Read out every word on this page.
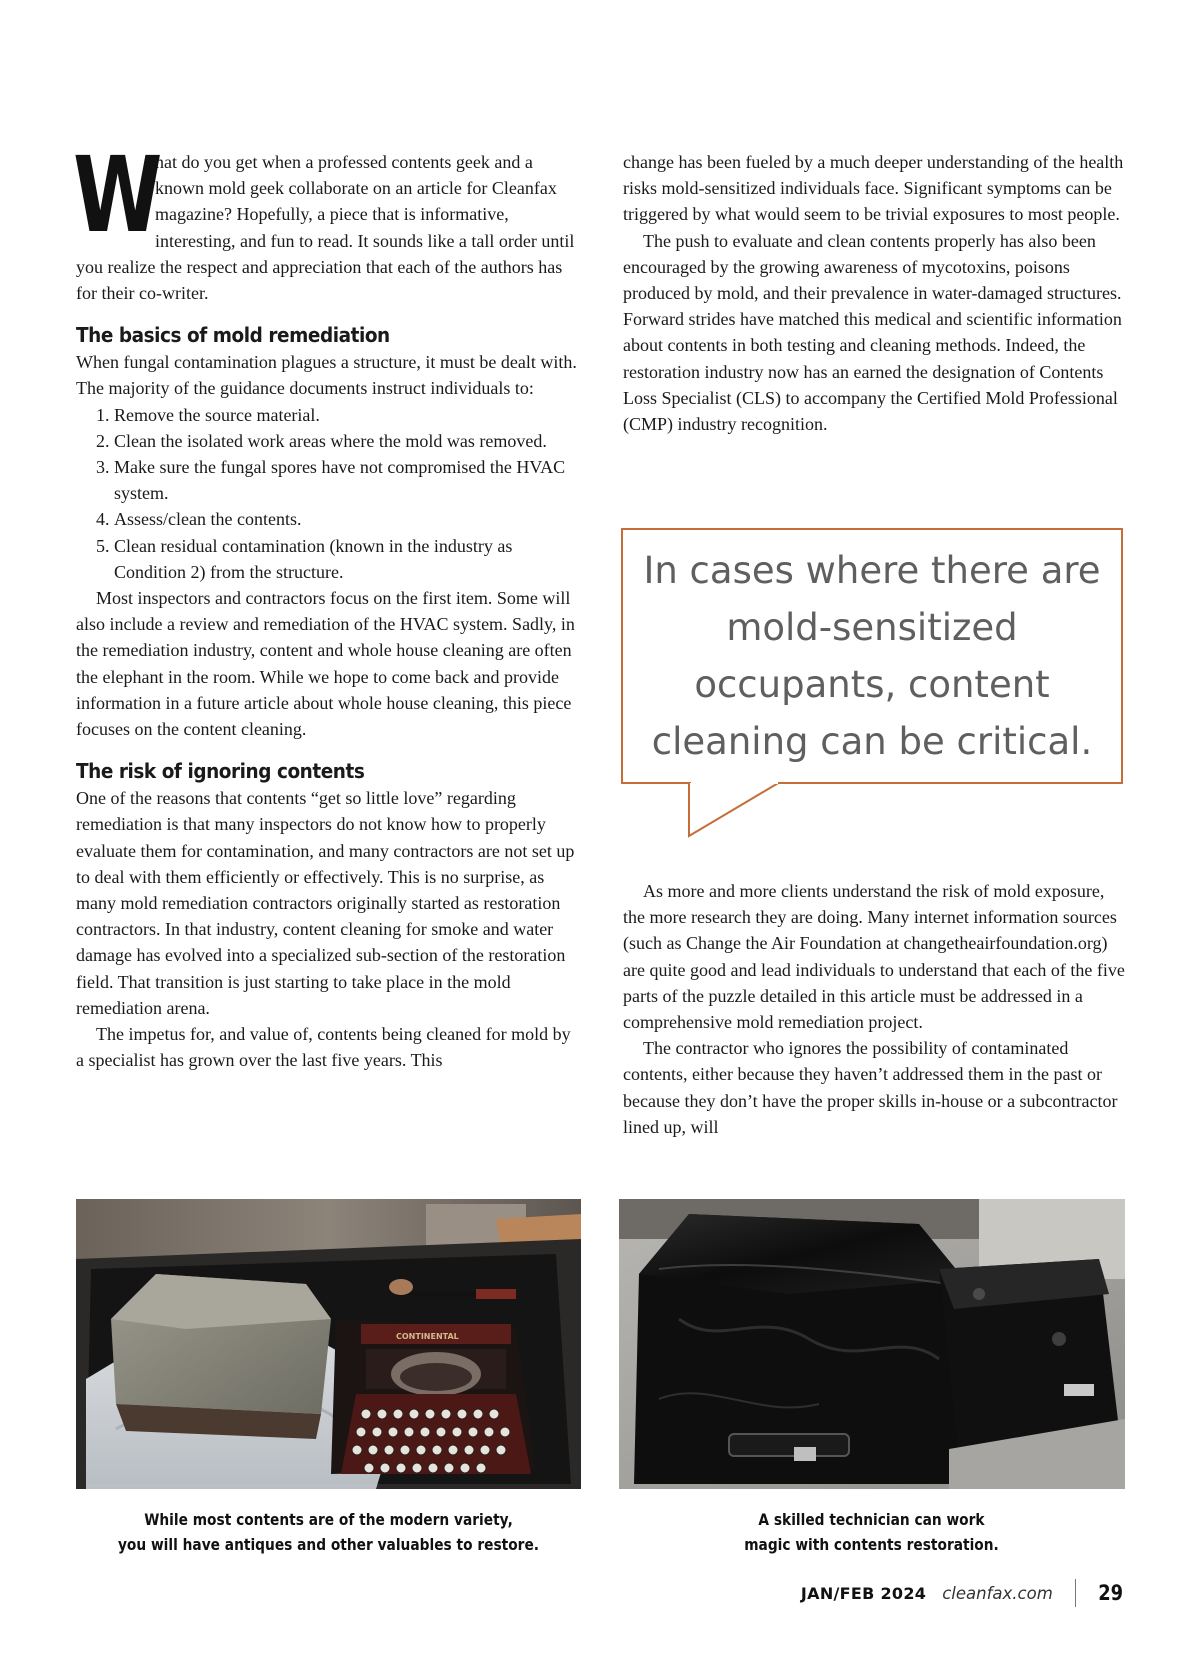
W
hat do you get when a professed contents geek and a known mold geek collaborate on an article for Cleanfax magazine? Hopefully, a piece that is informative, interesting, and fun to read. It sounds like a tall order until you realize the respect and appreciation that each of the authors has for their co-writer.

The basics of mold remediation

When fungal contamination plagues a structure, it must be dealt with. The majority of the guidance documents instruct individuals to:

1. Remove the source material.
2. Clean the isolated work areas where the mold was removed.
3. Make sure the fungal spores have not compromised the HVAC system.
4. Assess/clean the contents.
5. Clean residual contamination (known in the industry as Condition 2) from the structure.

Most inspectors and contractors focus on the first item. Some will also include a review and remediation of the HVAC system. Sadly, in the remediation industry, content and whole house cleaning are often the elephant in the room. While we hope to come back and provide information in a future article about whole house cleaning, this piece focuses on the content cleaning.

The risk of ignoring contents

One of the reasons that contents “get so little love” regarding remediation is that many inspectors do not know how to properly evaluate them for contamination, and many contractors are not set up to deal with them efficiently or effectively. This is no surprise, as many mold remediation contractors originally started as restoration contractors. In that industry, content cleaning for smoke and water damage has evolved into a specialized sub-section of the restoration field. That transition is just starting to take place in the mold remediation arena.

The impetus for, and value of, contents being cleaned for mold by a specialist has grown over the last five years. This

change has been fueled by a much deeper understanding of the health risks mold-sensitized individuals face. Significant symptoms can be triggered by what would seem to be trivial exposures to most people.

The push to evaluate and clean contents properly has also been encouraged by the growing awareness of mycotoxins, poisons produced by mold, and their prevalence in water-damaged structures. Forward strides have matched this medical and scientific information about contents in both testing and cleaning methods. Indeed, the restoration industry now has an earned the designation of Contents Loss Specialist (CLS) to accompany the Certified Mold Professional (CMP) industry recognition.

In cases where there are mold-sensitized occupants, content cleaning can be critical.

As more and more clients understand the risk of mold exposure, the more research they are doing. Many internet information sources (such as Change the Air Foundation at changetheairfoundation.org) are quite good and lead individuals to understand that each of the five parts of the puzzle detailed in this article must be addressed in a comprehensive mold remediation project.

The contractor who ignores the possibility of contaminated contents, either because they haven’t addressed them in the past or because they don’t have the proper skills in-house or a subcontractor lined up, will

CONTINENTAL
While most contents are of the modern variety,
you will have antiques and other valuables to restore.
A skilled technician can work
magic with contents restoration.
JAN/FEB 2024 cleanfax.com 29
